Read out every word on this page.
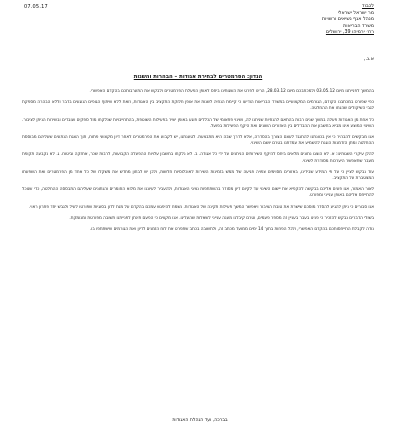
07.05.17	לכבוד
מר ישראל ישראלי
מנהל אגף נשיאים ורשויות
משרד הבריאות
רח׳ ירמיהו 39, ירושלים
א.נ.,
הנדון: הפרמטרים לבחירת אגודות – הבהרות והשגות

בהמשך לפנייתנו מיום 03.05.12 ולמכתבכם מיום 28.03.12, הרינו לפרט את השגותינו ביחס לאופן הפעלת הפרמטרים ולבקש את התערבותכם בהקדם האפשרי.

כפי שפורט במכתבנו הקודם, הגורמים המקצועיים במשרד הבריאות הודיעו כי קיימת הנחיה לשנות את אופן חלוקת התקציב בין האגודות, וזאת ללא שיתוף הגופים הנוגעים בדבר וללא הבהרה מספקת לגבי השיקולים שהנחו את ההחלטה.

כל אחת מן האגודות פעלה במשך שנים רבות בהתאם להנחיות שניתנו לה, ושינוי פתאומי של הכללים פוגע באופן ישיר בפעילות השוטפת, בהתחייבויות שנלקחו מול ספקים ועובדים ובשירות הניתן לציבור. השינוי המוצע אינו מביא בחשבון את ההבדלים בין האזורים השונים ואת היקף הפעילות בפועל.

אנו מבקשים להבהיר כי אין בכוונתנו להתנגד לעצם הצורך בהסדרה, אלא לדרך שבה היא מתבצעת. לטענתנו, יש לקבוע את הפרמטרים לאחר דיון מקצועי פתוח, תוך הצגת הנתונים שעליהם מבוססת ההחלטה ומתן הזדמנות הוגנת להשמיע את עמדתנו בטרם יושם השינוי.

להלן עיקרי השגותינו: א. לא הוצגו נתונים מלאים ביחס להיקף השירותים הניתנים על ידי כל אגודה. ב. לא נלקחו בחשבון עלויות ההפעלה הקבועות, לרבות שכר, אחזקה וביטוח. ג. לא נקבעה תקופת מעבר שתאפשר היערכות מסודרת לשינוי.

עוד נבקש לציין כי על פי המידע שבידינו, באזורים מסוימים צפויה פגיעה של ממש בזמינות השירות לאוכלוסיות חלשות, ולכן יש לבחון מחדש את משקלו של כל אחד מן הפרמטרים ואת השפעתו המצטברת על התקציב.

לאור האמור, אנו פונים אליכם בבקשה להקפיא את יישום השינוי עד לקיום דיון מסודר בהשתתפות נציגי האגודות, ולהעביר לעיוננו את מלוא החומרים והנתונים שעליהם התבססה ההחלטה, כדי שנוכל להתייחס אליהם באופן ענייני ומפורט.

אנו סבורים כי ניתן להגיע להסדר מוסכם שישרת את טובת הציבור ויאפשר המשך פעילות תקינה של האגודות. נשמח להיפגש עמכם בהקדם על מנת לדון בסוגיות שפורטו לעיל ולגבש יחד פתרון ראוי.

בשולי הדברים נבקש להזכיר כי פנינו בעבר בעניין זה מספר פעמים, וטרם קיבלנו מענה ענייני לשאלות שהעלינו. אנו מקווים כי הפעם תינתן לפנייתנו תשובה מפורטת ומנומקת.

נודה לקבלת התייחסותכם בהקדם האפשרי, ולכל הפחות בתוך 14 ימים ממועד מכתב זה, ולתשובה בכתב שתפרט את לוח הזמנים לדיון ואת הגורמים שישתתפו בו.

בברכה, ועד הנהלת האגודות
